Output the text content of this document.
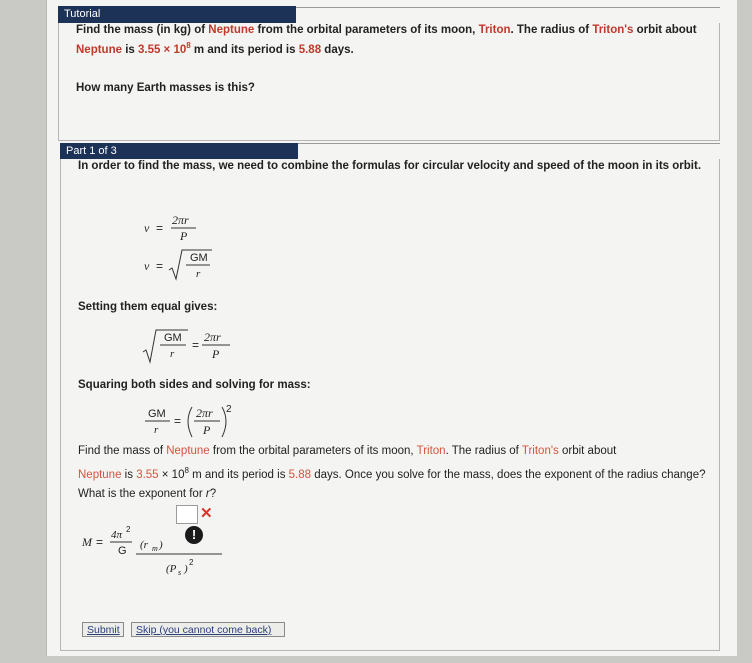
Tutorial
Find the mass (in kg) of Neptune from the orbital parameters of its moon, Triton. The radius of Triton's orbit about
Neptune is $3.55 \times 10^8$ m and its period is 5.88 days.
How many Earth masses is this?
Part 1 of 3
In order to find the mass, we need to combine the formulas for circular velocity and speed of the moon in its orbit.
v =
2πr
P
v =
GM
r
Setting them equal gives:
GM
r
=
2πr
P
Squaring both sides and solving for mass:
GM
r
=
2πr
P
2
Find the mass of Neptune from the orbital parameters of its moon, Triton. The radius of Triton's orbit about
Neptune is $3.55 \times 10^8$ m and its period is 5.88 days. Once you solve for the mass, does the exponent of the radius change? What is the exponent for r?
M = 4π 2
G (r m )
(P s )
2
✕
!
Submit	Skip (you cannot come back)
